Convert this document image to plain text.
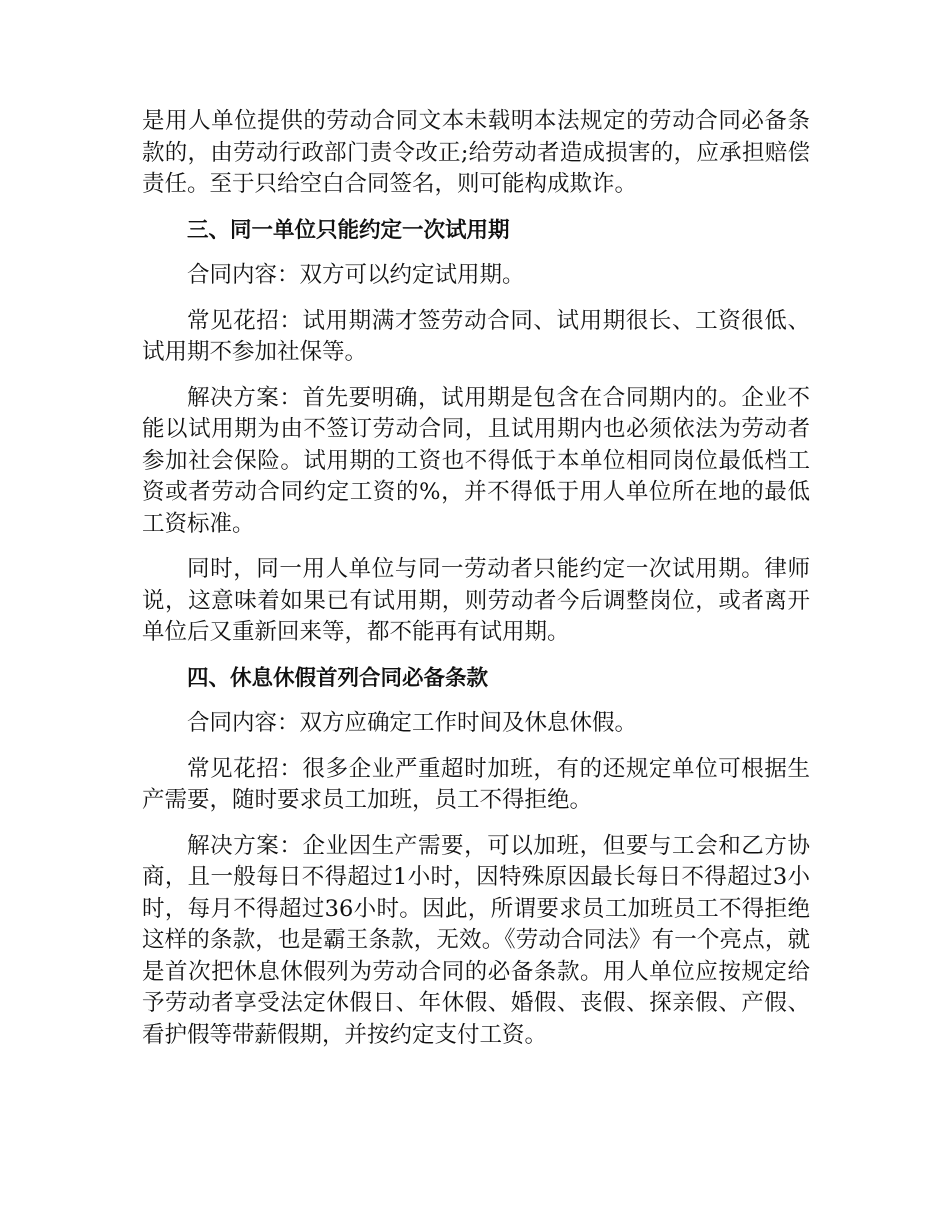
是用人单位提供的劳动合同文本未载明本法规定的劳动合同必备条款的，由劳动行政部门责令改正;给劳动者造成损害的，应承担赔偿责任。至于只给空白合同签名，则可能构成欺诈。

三、同一单位只能约定一次试用期

合同内容：双方可以约定试用期。

常见花招：试用期满才签劳动合同、试用期很长、工资很低、试用期不参加社保等。

解决方案：首先要明确，试用期是包含在合同期内的。企业不能以试用期为由不签订劳动合同，且试用期内也必须依法为劳动者参加社会保险。试用期的工资也不得低于本单位相同岗位最低档工资或者劳动合同约定工资的%，并不得低于用人单位所在地的最低工资标准。

同时，同一用人单位与同一劳动者只能约定一次试用期。律师说，这意味着如果已有试用期，则劳动者今后调整岗位，或者离开单位后又重新回来等，都不能再有试用期。

四、休息休假首列合同必备条款

合同内容：双方应确定工作时间及休息休假。

常见花招：很多企业严重超时加班，有的还规定单位可根据生产需要，随时要求员工加班，员工不得拒绝。

解决方案：企业因生产需要，可以加班，但要与工会和乙方协商，且一般每日不得超过1小时，因特殊原因最长每日不得超过3小时，每月不得超过36小时。因此，所谓要求员工加班员工不得拒绝这样的条款，也是霸王条款，无效。《劳动合同法》有一个亮点，就是首次把休息休假列为劳动合同的必备条款。用人单位应按规定给予劳动者享受法定休假日、年休假、婚假、丧假、探亲假、产假、看护假等带薪假期，并按约定支付工资。
